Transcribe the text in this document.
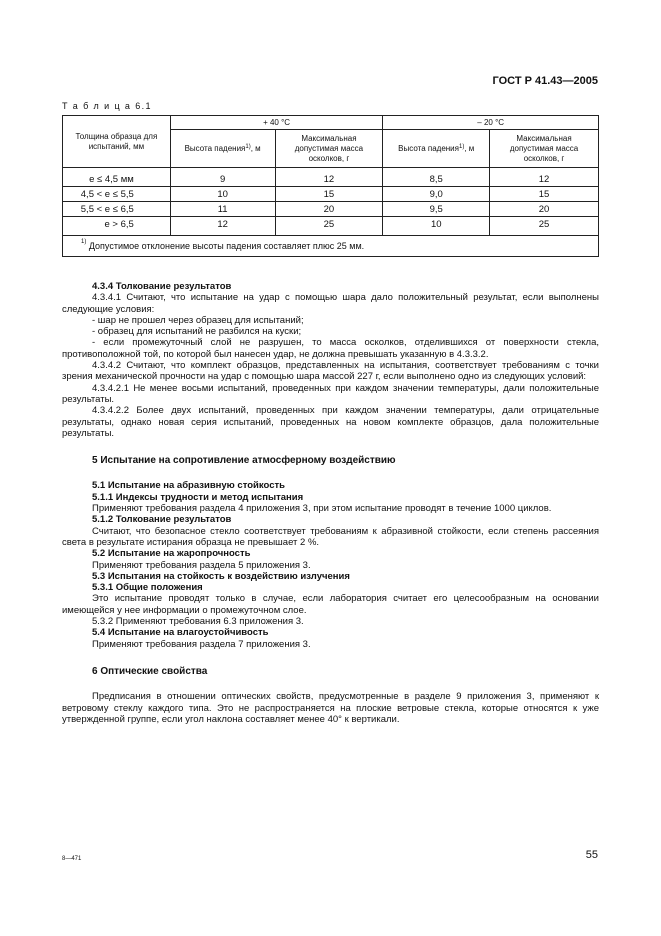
ГОСТ Р 41.43—2005
Т а б л и ц а 6.1
Толщина образца для испытаний, мм	+ 40 °С		– 20 °С	
	Высота падения$^{1)}$, м	Максимальная допустимая масса осколков, г	Высота падения$^{1)}$, м	Максимальная допустимая масса осколков, г
е ≤ 4,5 мм	9	12	8,5	12
4,5 < е ≤ 5,5	10	15	9,0	15
5,5 < е ≤ 6,5	11	20	9,5	20
е > 6,5	12	25	10	25
$^{1)}$ Допустимое отклонение высоты падения составляет плюс 25 мм.				

4.3.4 Толкование результатов

4.3.4.1 Считают, что испытание на удар с помощью шара дало положительный результат, если выполнены следующие условия:

- шар не прошел через образец для испытаний;

- образец для испытаний не разбился на куски;

- если промежуточный слой не разрушен, то масса осколков, отделившихся от поверхности стекла, противоположной той, по которой был нанесен удар, не должна превышать указанную в 4.3.3.2.

4.3.4.2 Считают, что комплект образцов, представленных на испытания, соответствует требованиям с точки зрения механической прочности на удар с помощью шара массой 227 г, если выполнено одно из следующих условий:

4.3.4.2.1 Не менее восьми испытаний, проведенных при каждом значении температуры, дали положительные результаты.

4.3.4.2.2 Более двух испытаний, проведенных при каждом значении температуры, дали отрицательные результаты, однако новая серия испытаний, проведенных на новом комплекте образцов, дала положительные результаты.

5 Испытание на сопротивление атмосферному воздействию

5.1 Испытание на абразивную стойкость

5.1.1 Индексы трудности и метод испытания

Применяют требования раздела 4 приложения 3, при этом испытание проводят в течение 1000 циклов.

5.1.2 Толкование результатов

Считают, что безопасное стекло соответствует требованиям к абразивной стойкости, если степень рассеяния света в результате истирания образца не превышает 2 %.

5.2 Испытание на жаропрочность

Применяют требования раздела 5 приложения 3.

5.3 Испытания на стойкость к воздействию излучения

5.3.1 Общие положения

Это испытание проводят только в случае, если лаборатория считает его целесообразным на основании имеющейся у нее информации о промежуточном слое.

5.3.2 Применяют требования 6.3 приложения 3.

5.4 Испытание на влагоустойчивость

Применяют требования раздела 7 приложения 3.

6 Оптические свойства

Предписания в отношении оптических свойств, предусмотренные в разделе 9 приложения 3, применяют к ветровому стеклу каждого типа. Это не распространяется на плоские ветровые стекла, которые относятся к уже утвержденной группе, если угол наклона составляет менее 40° к вертикали.

8—471	55
